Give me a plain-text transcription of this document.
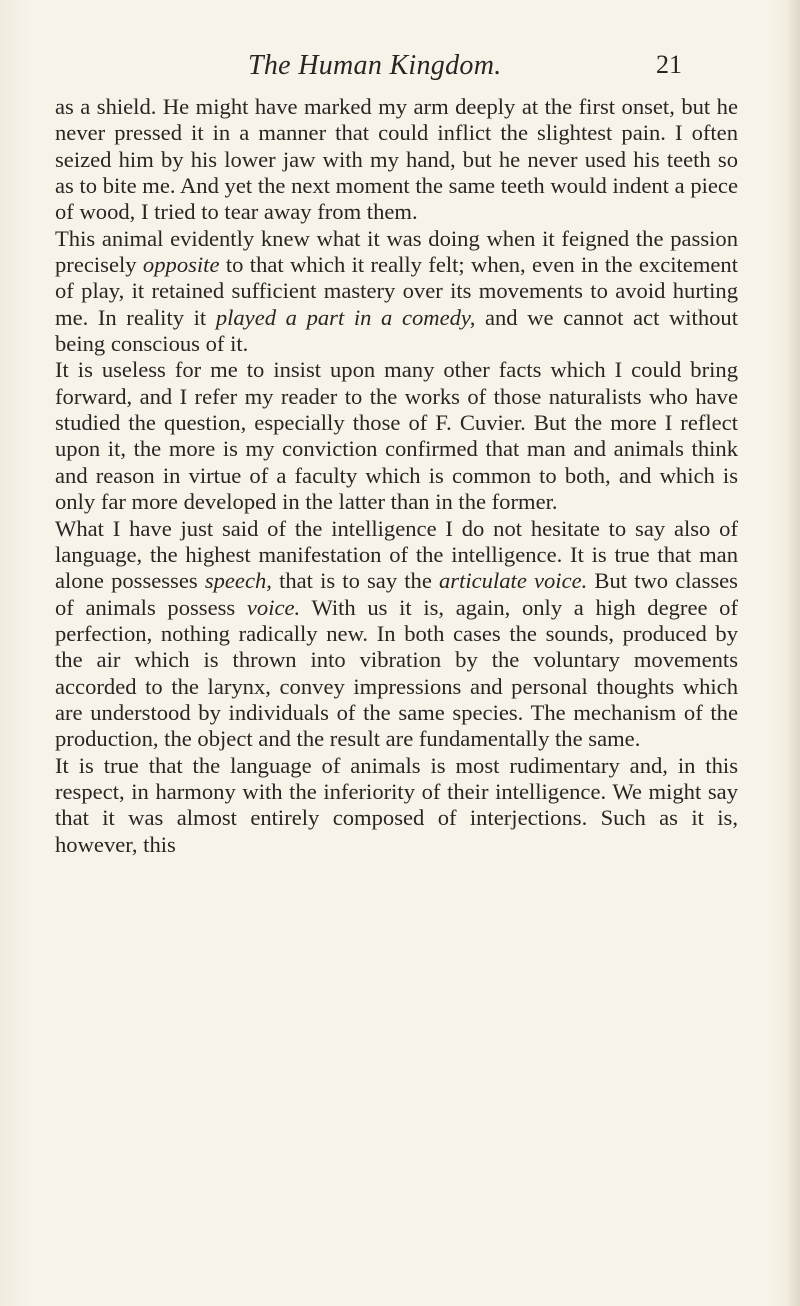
The Human Kingdom.	21

as a shield. He might have marked my arm deeply at the first onset, but he never pressed it in a manner that could inflict the slightest pain. I often seized him by his lower jaw with my hand, but he never used his teeth so as to bite me. And yet the next moment the same teeth would indent a piece of wood, I tried to tear away from them.

This animal evidently knew what it was doing when it feigned the passion precisely opposite to that which it really felt; when, even in the excitement of play, it retained sufficient mastery over its movements to avoid hurting me. In reality it played a part in a comedy, and we cannot act without being conscious of it.

It is useless for me to insist upon many other facts which I could bring forward, and I refer my reader to the works of those naturalists who have studied the question, especially those of F. Cuvier. But the more I reflect upon it, the more is my conviction confirmed that man and animals think and reason in virtue of a faculty which is common to both, and which is only far more developed in the latter than in the former.

What I have just said of the intelligence I do not hesitate to say also of language, the highest manifestation of the intelligence. It is true that man alone possesses speech, that is to say the articulate voice. But two classes of animals possess voice. With us it is, again, only a high degree of perfection, nothing radically new. In both cases the sounds, produced by the air which is thrown into vibration by the voluntary movements accorded to the larynx, convey impressions and personal thoughts which are understood by individuals of the same species. The mechanism of the production, the object and the result are fundamentally the same.

It is true that the language of animals is most rudimentary and, in this respect, in harmony with the inferiority of their intelligence. We might say that it was almost entirely composed of interjections. Such as it is, however, this
